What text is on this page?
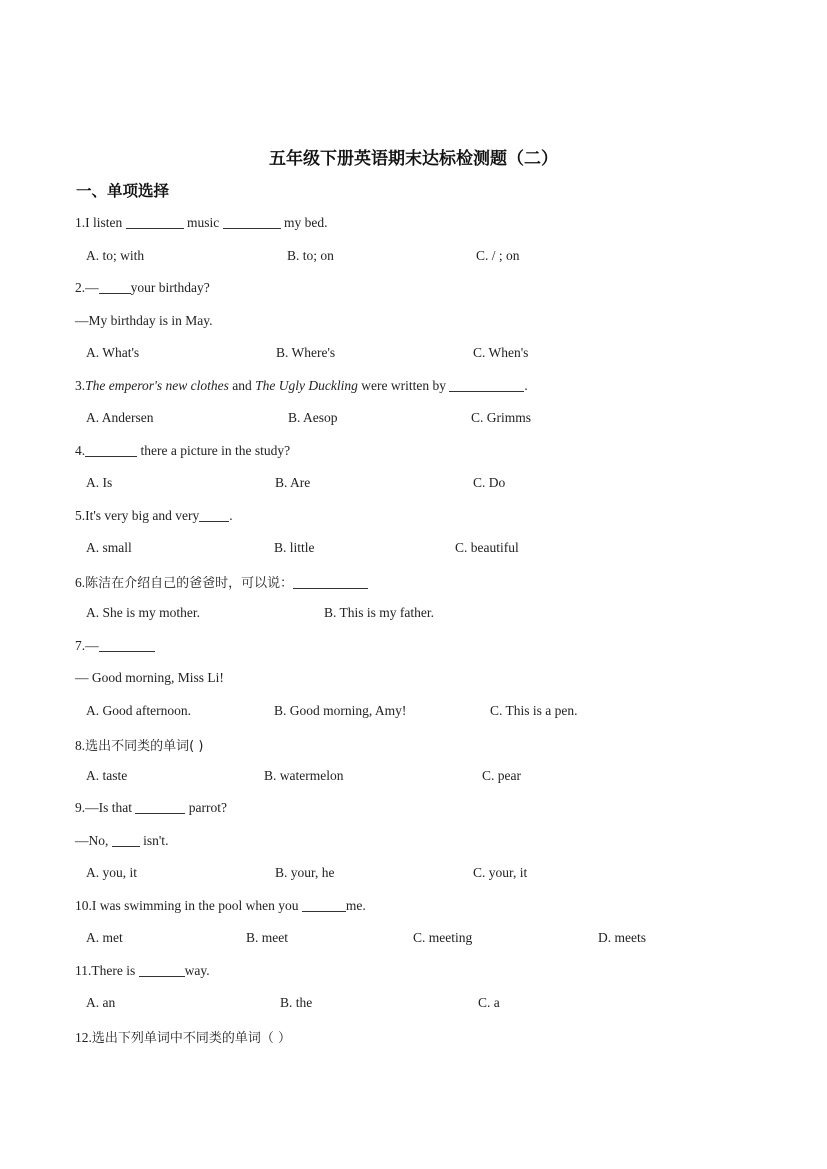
五年级下册英语期末达标检测题（二）
一、单项选择
1.I listen	music	my bed.
A. to; with	B. to; on	C. / ; on
2.— your birthday?
—My birthday is in May.
A. What's	B. Where's	C. When's
3.The emperor's new clothes and The Ugly Duckling were written by	.
A. Andersen	B. Aesop	C. Grimms
4.	there a picture in the study?
A. Is	B. Are	C. Do
5.It's very big and very .
A. small	B. little	C. beautiful
6.陈洁在介绍自己的爸爸时，可以说：
A. She is my mother.	B. This is my father.
7.—
— Good morning, Miss Li!
A. Good afternoon.	B. Good morning, Amy!	C. This is a pen.
8.选出不同类的单词( )
A. taste	B. watermelon	C. pear
9.—Is that	parrot?
—No,	isn't.
A. you, it	B. your, he	C. your, it
10.I was swimming in the pool when you	me.
A. met	B. meet	C. meeting	D. meets
11.There is	way.
A. an	B. the	C. a
12.选出下列单词中不同类的单词（ ）
